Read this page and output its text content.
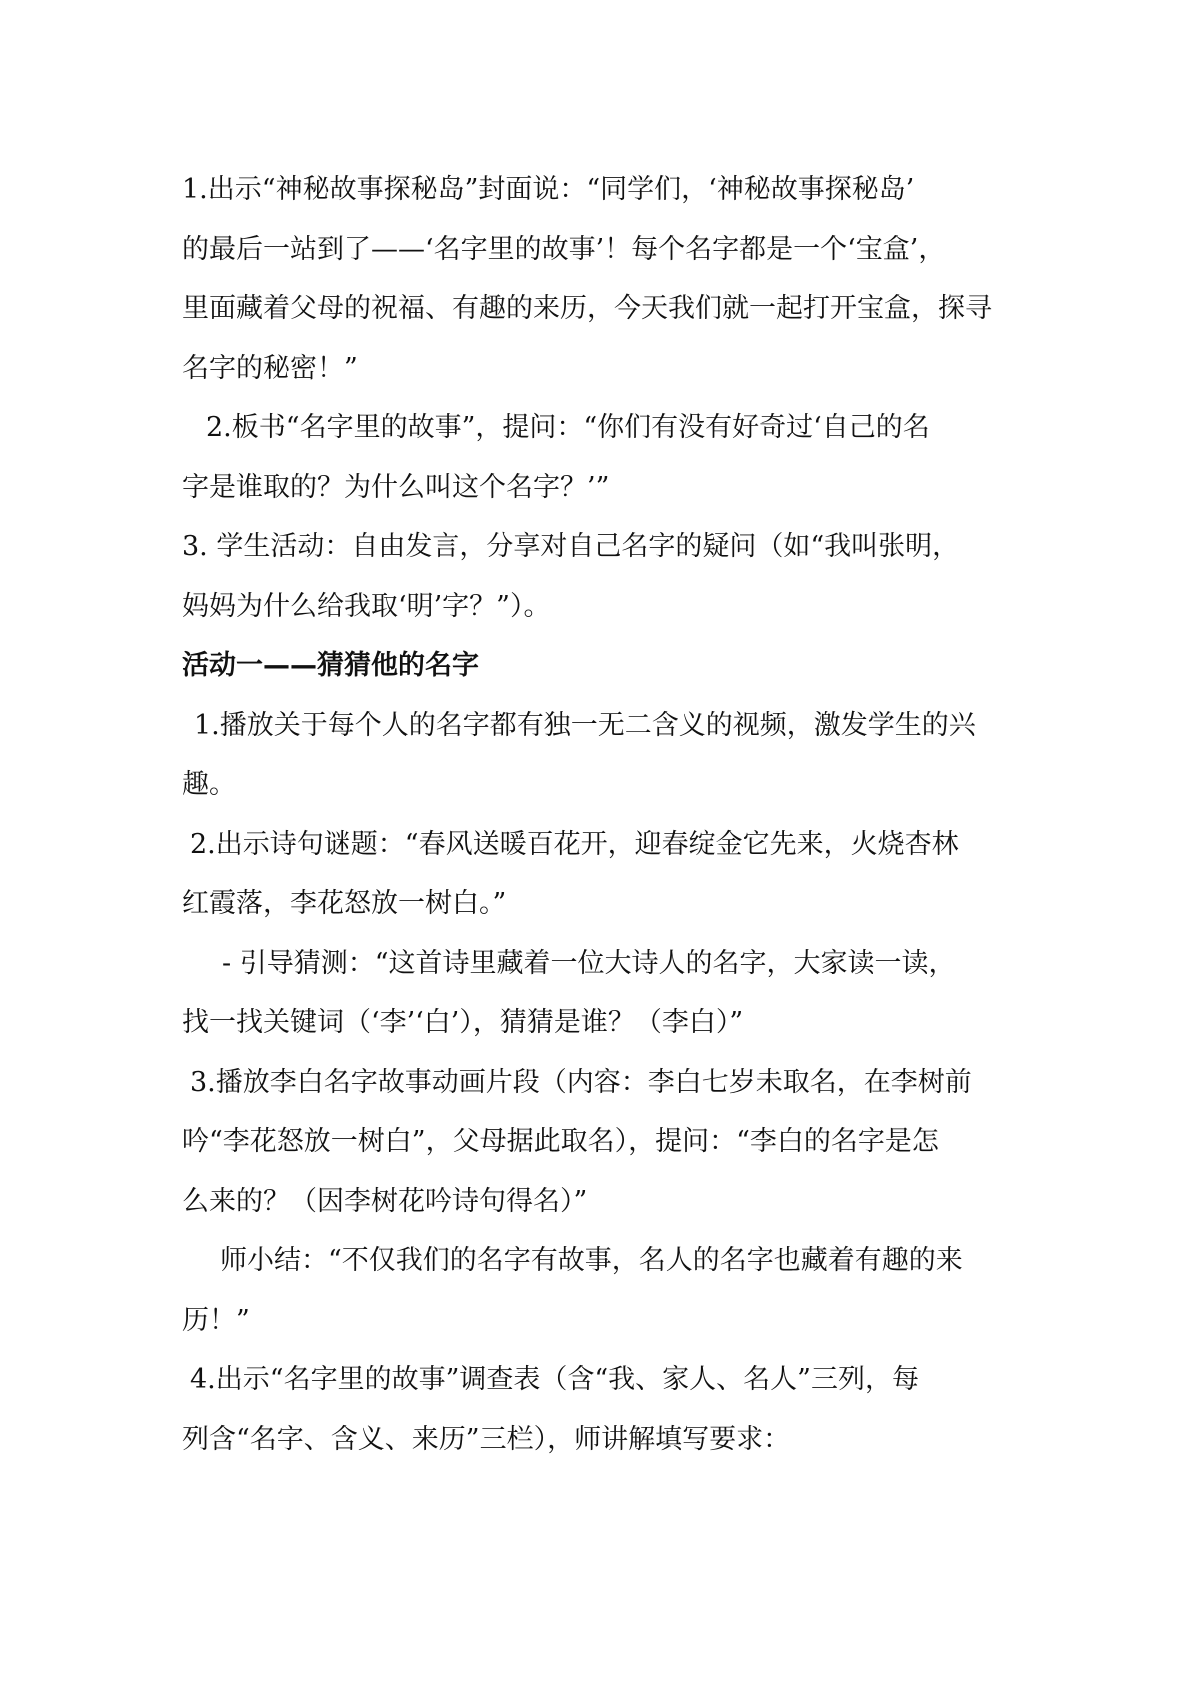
1.出示“神秘故事探秘岛”封面说：“同学们，‘神秘故事探秘岛’
的最后一站到了——‘名字里的故事’！每个名字都是一个‘宝盒’，
里面藏着父母的祝福、有趣的来历，今天我们就一起打开宝盒，探寻
名字的秘密！”
2.板书“名字里的故事”，提问：“你们有没有好奇过‘自己的名
字是谁取的？为什么叫这个名字？’”
3. 学生活动：自由发言，分享对自己名字的疑问（如“我叫张明，
妈妈为什么给我取‘明’字？”）。
活动一——猜猜他的名字
1.播放关于每个人的名字都有独一无二含义的视频，激发学生的兴
趣。
2.出示诗句谜题：“春风送暖百花开，迎春绽金它先来，火烧杏林
红霞落，李花怒放一树白。”
- 引导猜测：“这首诗里藏着一位大诗人的名字，大家读一读，
找一找关键词（‘李’‘白’），猜猜是谁？（李白）”
3.播放李白名字故事动画片段（内容：李白七岁未取名，在李树前
吟“李花怒放一树白”，父母据此取名），提问：“李白的名字是怎
么来的？（因李树花吟诗句得名）”
师小结：“不仅我们的名字有故事，名人的名字也藏着有趣的来
历！”
4.出示“名字里的故事”调查表（含“我、家人、名人”三列，每
列含“名字、含义、来历”三栏），师讲解填写要求：
